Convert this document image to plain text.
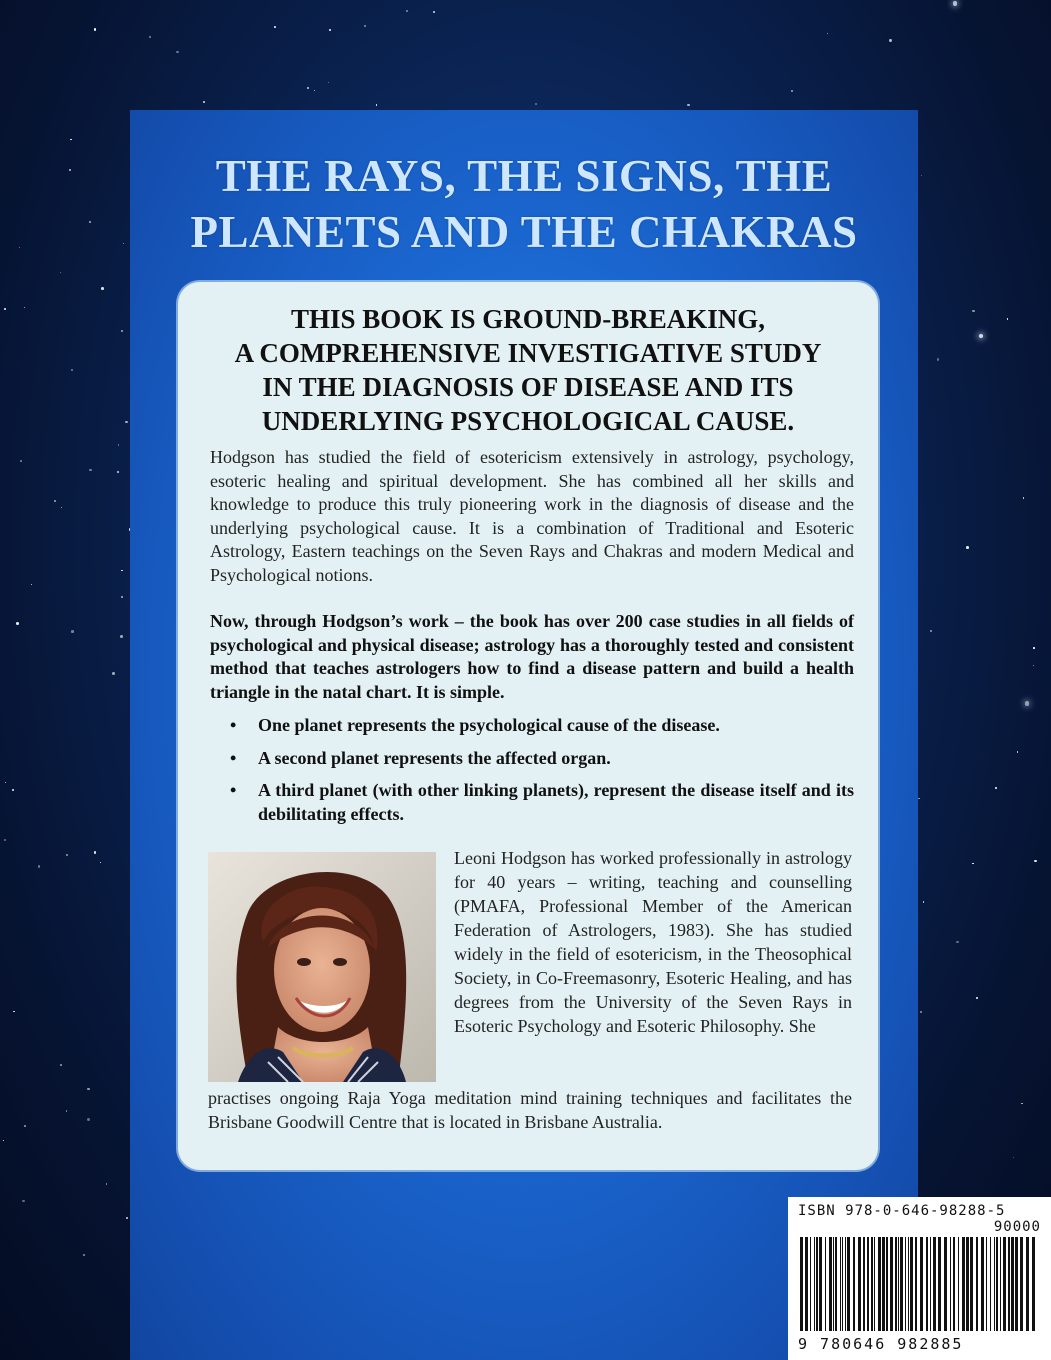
THE RAYS, THE SIGNS, THE
PLANETS AND THE CHAKRAS
THIS BOOK IS GROUND-BREAKING,
A COMPREHENSIVE INVESTIGATIVE STUDY
IN THE DIAGNOSIS OF DISEASE AND ITS
UNDERLYING PSYCHOLOGICAL CAUSE.
Hodgson has studied the field of esotericism extensively in astrology, psychology, esoteric healing and spiritual development. She has combined all her skills and knowledge to produce this truly pioneering work in the diagnosis of disease and the underlying psychological cause. It is a combination of Traditional and Esoteric Astrology, Eastern teachings on the Seven Rays and Chakras and modern Medical and Psychological notions.
Now, through Hodgson’s work – the book has over 200 case studies in all fields of psychological and physical disease; astrology has a thoroughly tested and consistent method that teaches astrologers how to find a disease pattern and build a health triangle in the natal chart. It is simple.
• One planet represents the psychological cause of the disease.
• A second planet represents the affected organ.
• A third planet (with other linking planets), represent the disease itself and its debilitating effects.
Leoni Hodgson has worked professionally in astrology for 40 years – writing, teaching and counselling (PMAFA, Professional Member of the American Federation of Astrologers, 1983). She has studied widely in the field of esotericism, in the Theosophical Society, in Co-Freemasonry, Esoteric Healing, and has degrees from the University of the Seven Rays in Esoteric Psychology and Esoteric Philosophy. She
practises ongoing Raja Yoga meditation mind training techniques and facilitates the Brisbane Goodwill Centre that is located in Brisbane Australia.
ISBN 978-0-646-98288-5
90000
9 780646 982885
